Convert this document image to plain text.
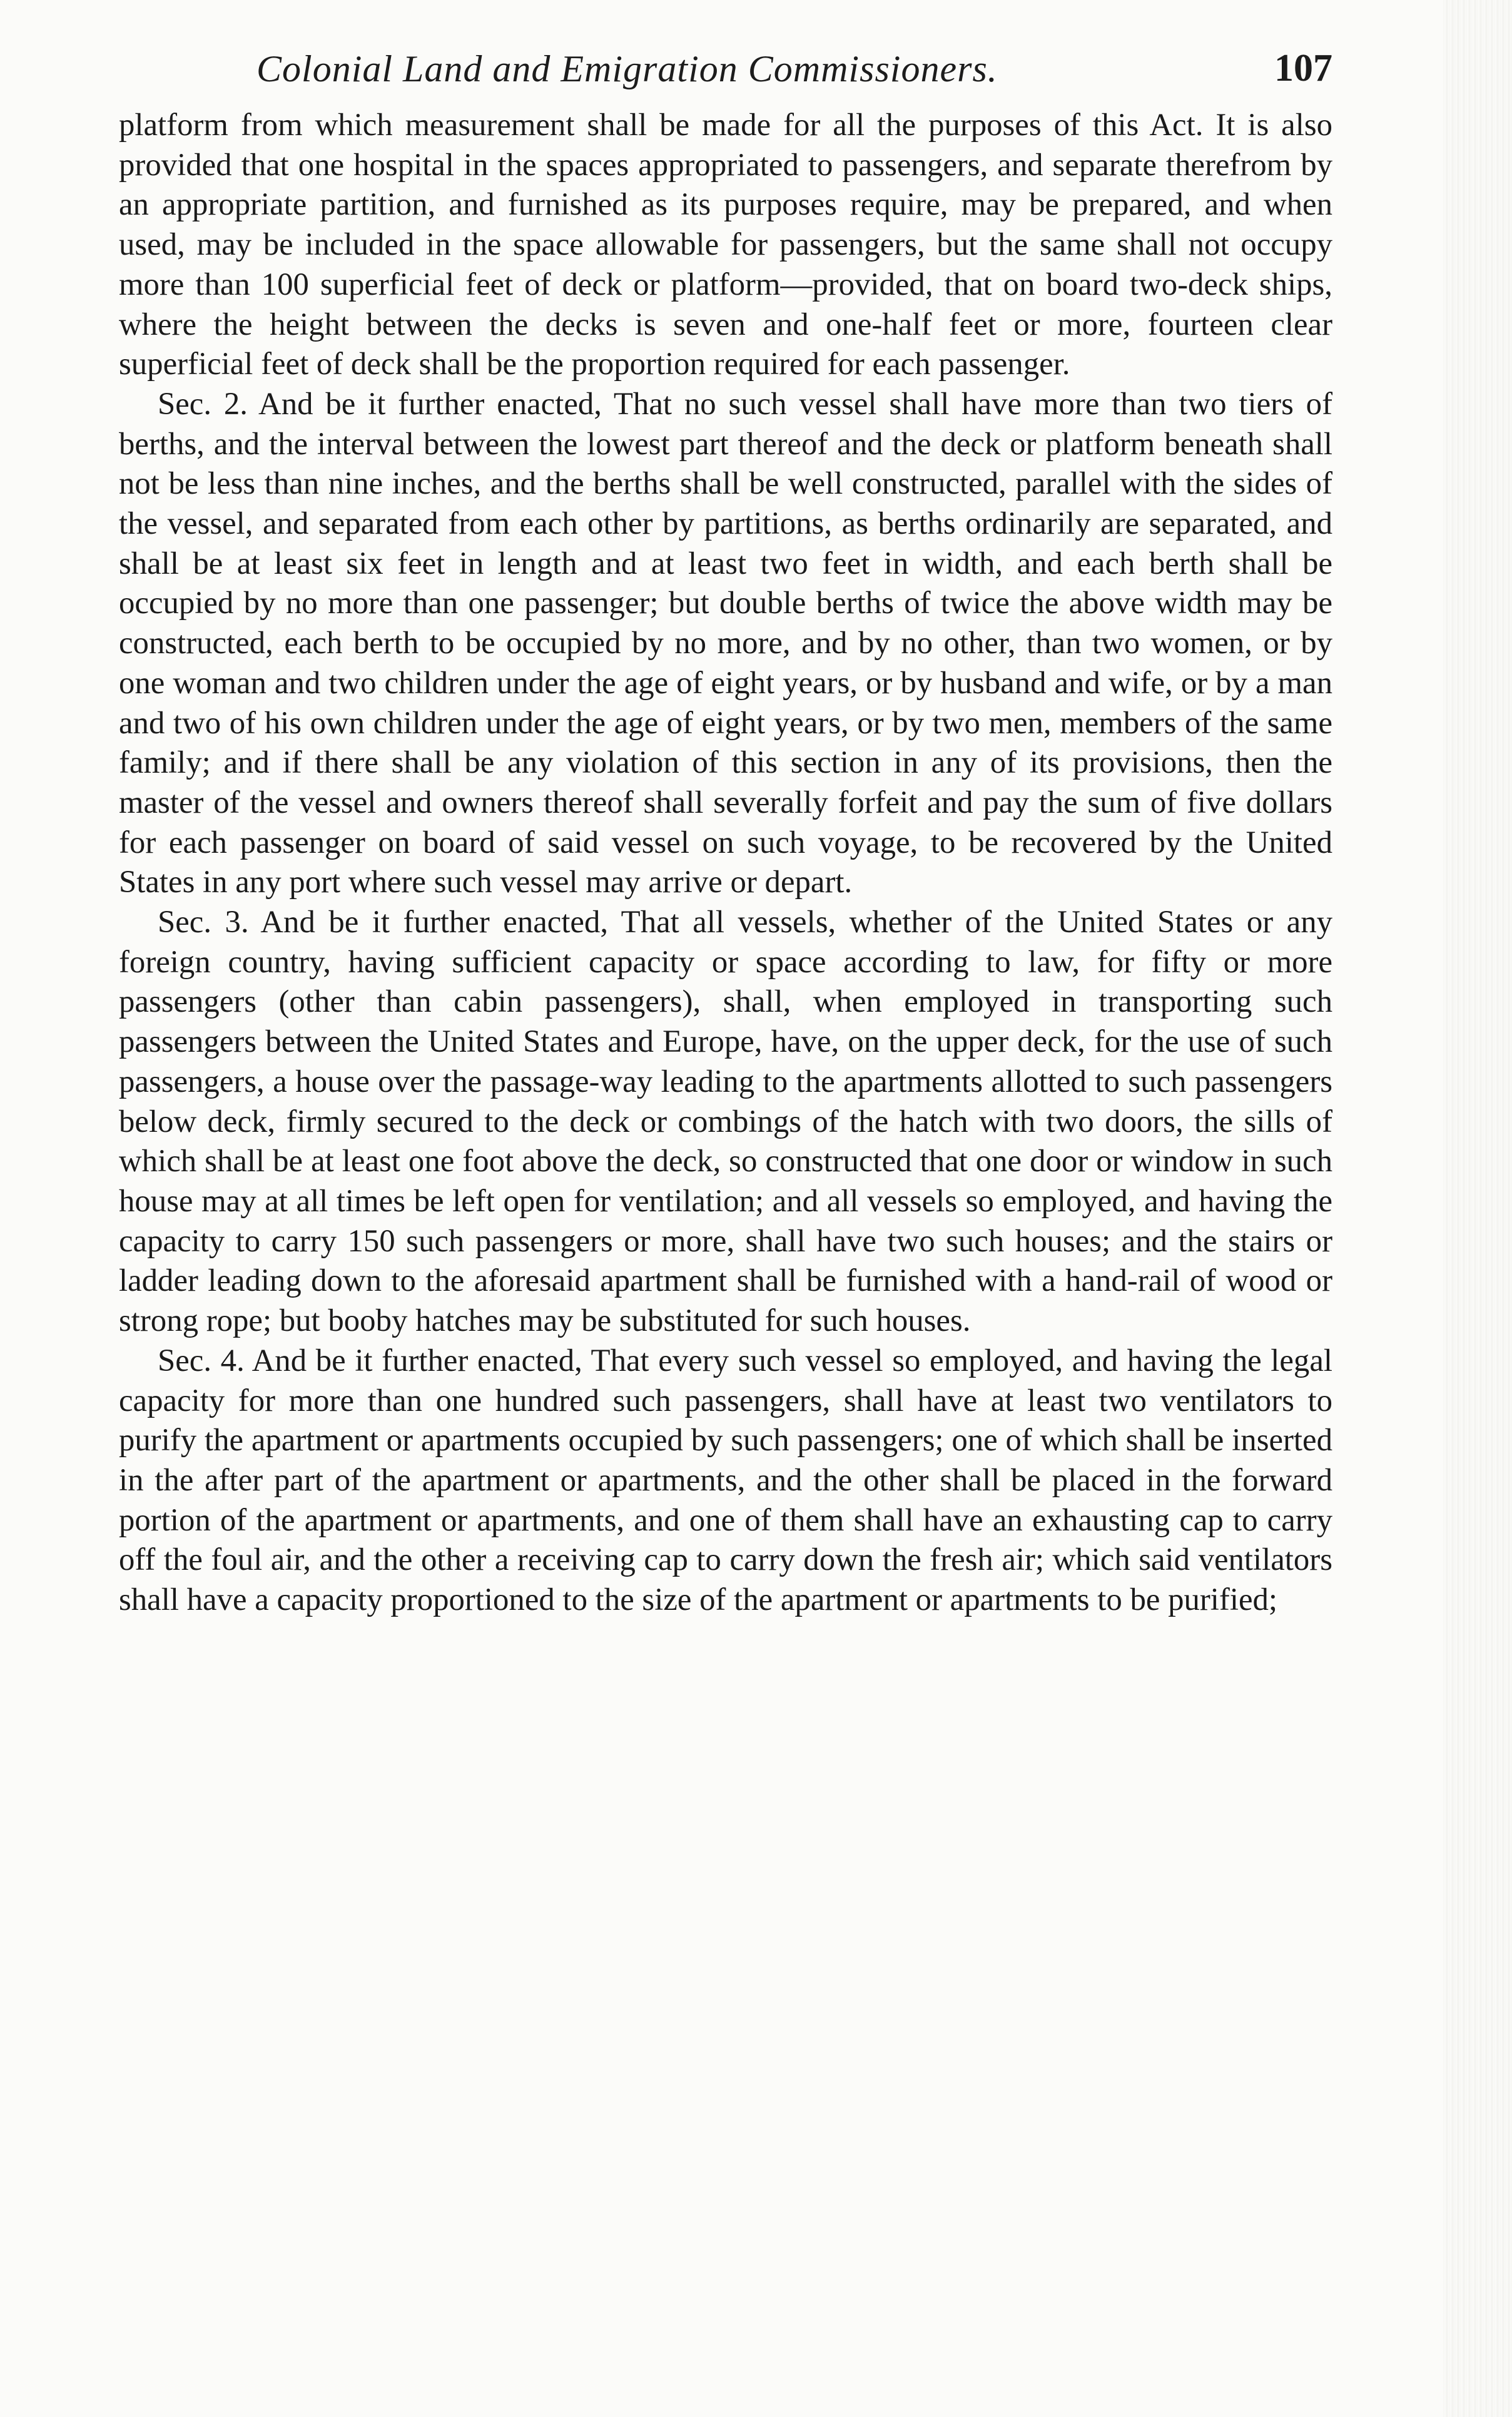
Colonial Land and Emigration Commissioners.	107

platform from which measurement shall be made for all the purposes of this Act. It is also provided that one hospital in the spaces appropriated to passengers, and separate therefrom by an appropriate partition, and furnished as its purposes require, may be prepared, and when used, may be included in the space allowable for passengers, but the same shall not occupy more than 100 superficial feet of deck or platform—provided, that on board two-deck ships, where the height between the decks is seven and one-half feet or more, fourteen clear superficial feet of deck shall be the proportion required for each passenger.

Sec. 2. And be it further enacted, That no such vessel shall have more than two tiers of berths, and the interval between the lowest part thereof and the deck or platform beneath shall not be less than nine inches, and the berths shall be well constructed, parallel with the sides of the vessel, and separated from each other by partitions, as berths ordinarily are separated, and shall be at least six feet in length and at least two feet in width, and each berth shall be occupied by no more than one passenger; but double berths of twice the above width may be constructed, each berth to be occupied by no more, and by no other, than two women, or by one woman and two children under the age of eight years, or by husband and wife, or by a man and two of his own children under the age of eight years, or by two men, members of the same family; and if there shall be any violation of this section in any of its provisions, then the master of the vessel and owners thereof shall severally forfeit and pay the sum of five dollars for each passenger on board of said vessel on such voyage, to be recovered by the United States in any port where such vessel may arrive or depart.

Sec. 3. And be it further enacted, That all vessels, whether of the United States or any foreign country, having sufficient capacity or space according to law, for fifty or more passengers (other than cabin passengers), shall, when employed in transporting such passengers between the United States and Europe, have, on the upper deck, for the use of such passengers, a house over the passage-way leading to the apartments allotted to such passengers below deck, firmly secured to the deck or combings of the hatch with two doors, the sills of which shall be at least one foot above the deck, so constructed that one door or window in such house may at all times be left open for ventilation; and all vessels so employed, and having the capacity to carry 150 such passengers or more, shall have two such houses; and the stairs or ladder leading down to the aforesaid apartment shall be furnished with a hand-rail of wood or strong rope; but booby hatches may be substituted for such houses.

Sec. 4. And be it further enacted, That every such vessel so employed, and having the legal capacity for more than one hundred such passengers, shall have at least two ventilators to purify the apartment or apartments occupied by such passengers; one of which shall be inserted in the after part of the apartment or apartments, and the other shall be placed in the forward portion of the apartment or apartments, and one of them shall have an exhausting cap to carry off the foul air, and the other a receiving cap to carry down the fresh air; which said ventilators shall have a capacity proportioned to the size of the apartment or apartments to be purified;
